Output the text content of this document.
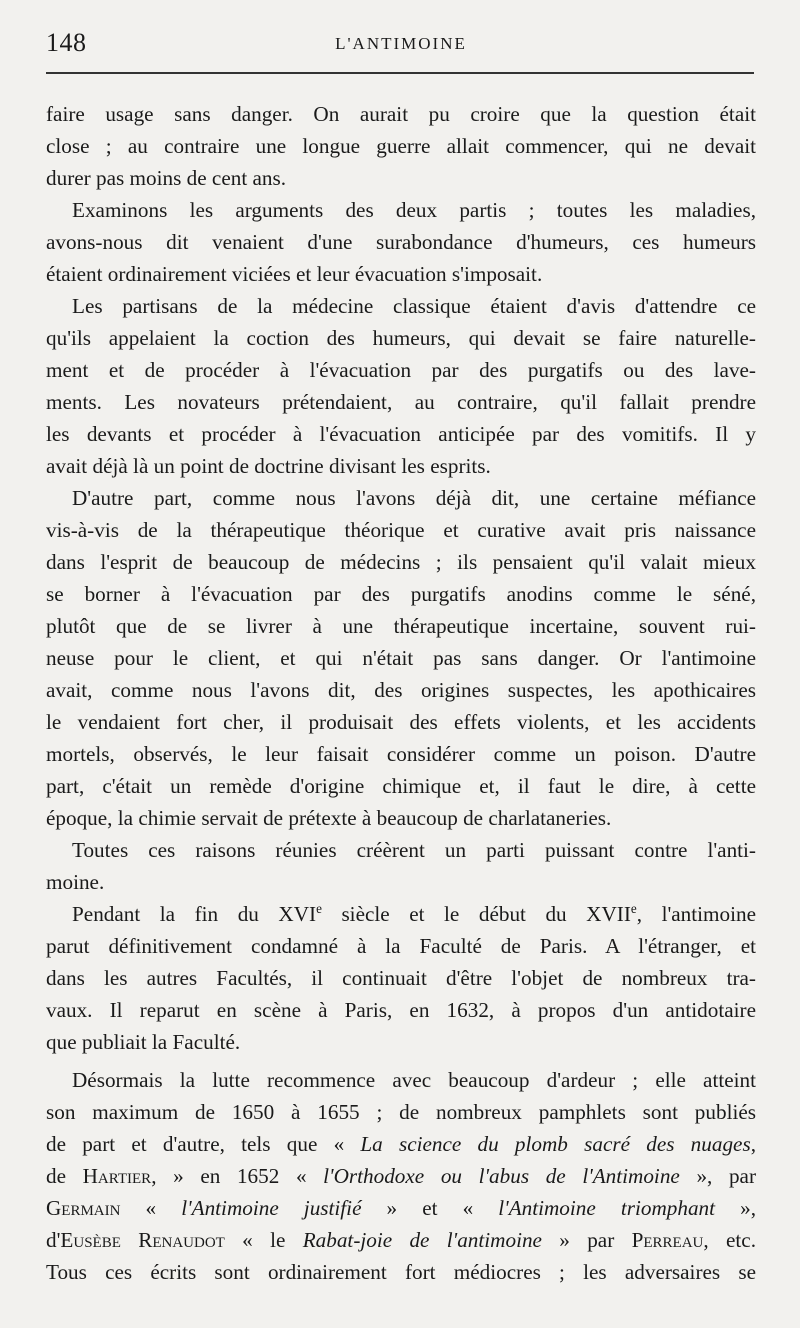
148	L'ANTIMOINE
faire usage sans danger. On aurait pu croire que la question était
close ; au contraire une longue guerre allait commencer, qui ne devait
durer pas moins de cent ans.
Examinons les arguments des deux partis ; toutes les maladies,
avons-nous dit venaient d'une surabondance d'humeurs, ces humeurs
étaient ordinairement viciées et leur évacuation s'imposait.
Les partisans de la médecine classique étaient d'avis d'attendre ce
qu'ils appelaient la coction des humeurs, qui devait se faire naturelle-
ment et de procéder à l'évacuation par des purgatifs ou des lave-
ments. Les novateurs prétendaient, au contraire, qu'il fallait prendre
les devants et procéder à l'évacuation anticipée par des vomitifs. Il y
avait déjà là un point de doctrine divisant les esprits.
D'autre part, comme nous l'avons déjà dit, une certaine méfiance
vis-à-vis de la thérapeutique théorique et curative avait pris naissance
dans l'esprit de beaucoup de médecins ; ils pensaient qu'il valait mieux
se borner à l'évacuation par des purgatifs anodins comme le séné,
plutôt que de se livrer à une thérapeutique incertaine, souvent rui-
neuse pour le client, et qui n'était pas sans danger. Or l'antimoine
avait, comme nous l'avons dit, des origines suspectes, les apothicaires
le vendaient fort cher, il produisait des effets violents, et les accidents
mortels, observés, le leur faisait considérer comme un poison. D'autre
part, c'était un remède d'origine chimique et, il faut le dire, à cette
époque, la chimie servait de prétexte à beaucoup de charlataneries.
Toutes ces raisons réunies créèrent un parti puissant contre l'anti-
moine.
Pendant la fin du XVIe siècle et le début du XVIIe, l'antimoine
parut définitivement condamné à la Faculté de Paris. A l'étranger, et
dans les autres Facultés, il continuait d'être l'objet de nombreux tra-
vaux. Il reparut en scène à Paris, en 1632, à propos d'un antidotaire
que publiait la Faculté.
Désormais la lutte recommence avec beaucoup d'ardeur ; elle atteint
son maximum de 1650 à 1655 ; de nombreux pamphlets sont publiés
de part et d'autre, tels que « La science du plomb sacré des nuages,
de Hartier, » en 1652 « l'Orthodoxe ou l'abus de l'Antimoine », par
Germain « l'Antimoine justifié » et « l'Antimoine triomphant »,
d'Eusèbe Renaudot « le Rabat-joie de l'antimoine » par Perreau, etc.
Tous ces écrits sont ordinairement fort médiocres ; les adversaires se
